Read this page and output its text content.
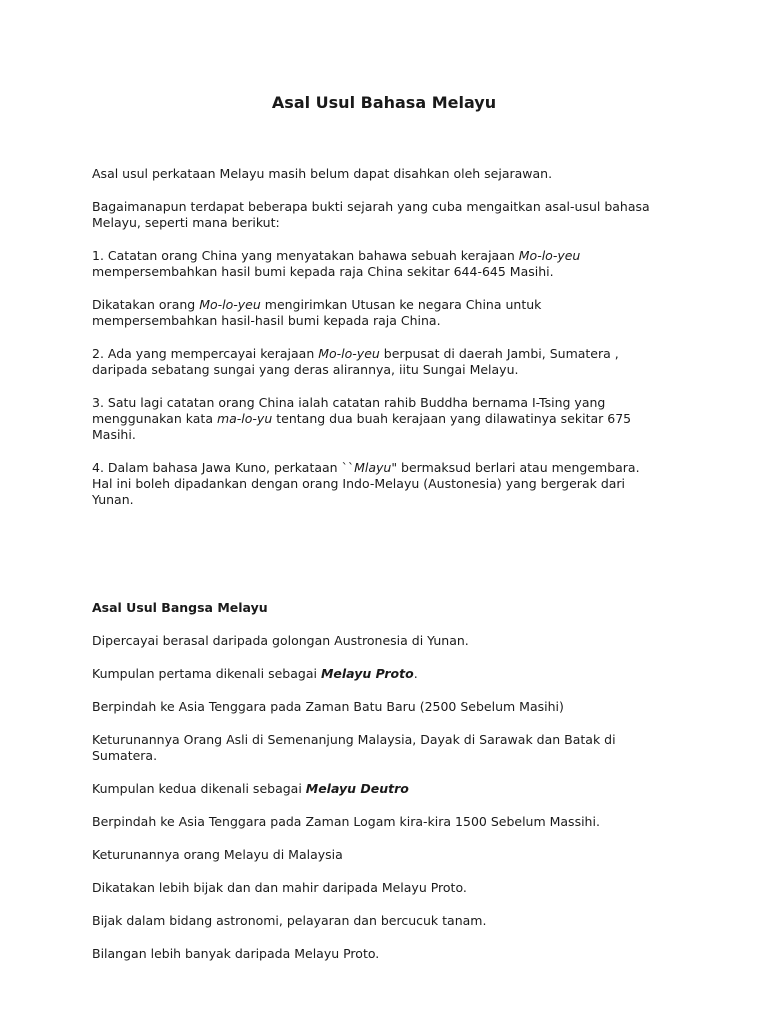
Asal Usul Bahasa Melayu

Asal usul perkataan Melayu masih belum dapat disahkan oleh sejarawan.

Bagaimanapun terdapat beberapa bukti sejarah yang cuba mengaitkan asal-usul bahasa
Melayu, seperti mana berikut:

1. Catatan orang China yang menyatakan bahawa sebuah kerajaan Mo-lo-yeu
mempersembahkan hasil bumi kepada raja China sekitar 644-645 Masihi.

Dikatakan orang Mo-lo-yeu mengirimkan Utusan ke negara China untuk
mempersembahkan hasil-hasil bumi kepada raja China.

2. Ada yang mempercayai kerajaan Mo-lo-yeu berpusat di daerah Jambi, Sumatera ,
daripada sebatang sungai yang deras alirannya, iitu Sungai Melayu.

3. Satu lagi catatan orang China ialah catatan rahib Buddha bernama I-Tsing yang
menggunakan kata ma-lo-yu tentang dua buah kerajaan yang dilawatinya sekitar 675
Masihi.

4. Dalam bahasa Jawa Kuno, perkataan ``Mlayu" bermaksud berlari atau mengembara.
Hal ini boleh dipadankan dengan orang Indo-Melayu (Austonesia) yang bergerak dari
Yunan.

Asal Usul Bangsa Melayu

Dipercayai berasal daripada golongan Austronesia di Yunan.

Kumpulan pertama dikenali sebagai Melayu Proto.

Berpindah ke Asia Tenggara pada Zaman Batu Baru (2500 Sebelum Masihi)

Keturunannya Orang Asli di Semenanjung Malaysia, Dayak di Sarawak dan Batak di
Sumatera.

Kumpulan kedua dikenali sebagai Melayu Deutro

Berpindah ke Asia Tenggara pada Zaman Logam kira-kira 1500 Sebelum Massihi.

Keturunannya orang Melayu di Malaysia

Dikatakan lebih bijak dan dan mahir daripada Melayu Proto.

Bijak dalam bidang astronomi, pelayaran dan bercucuk tanam.

Bilangan lebih banyak daripada Melayu Proto.
